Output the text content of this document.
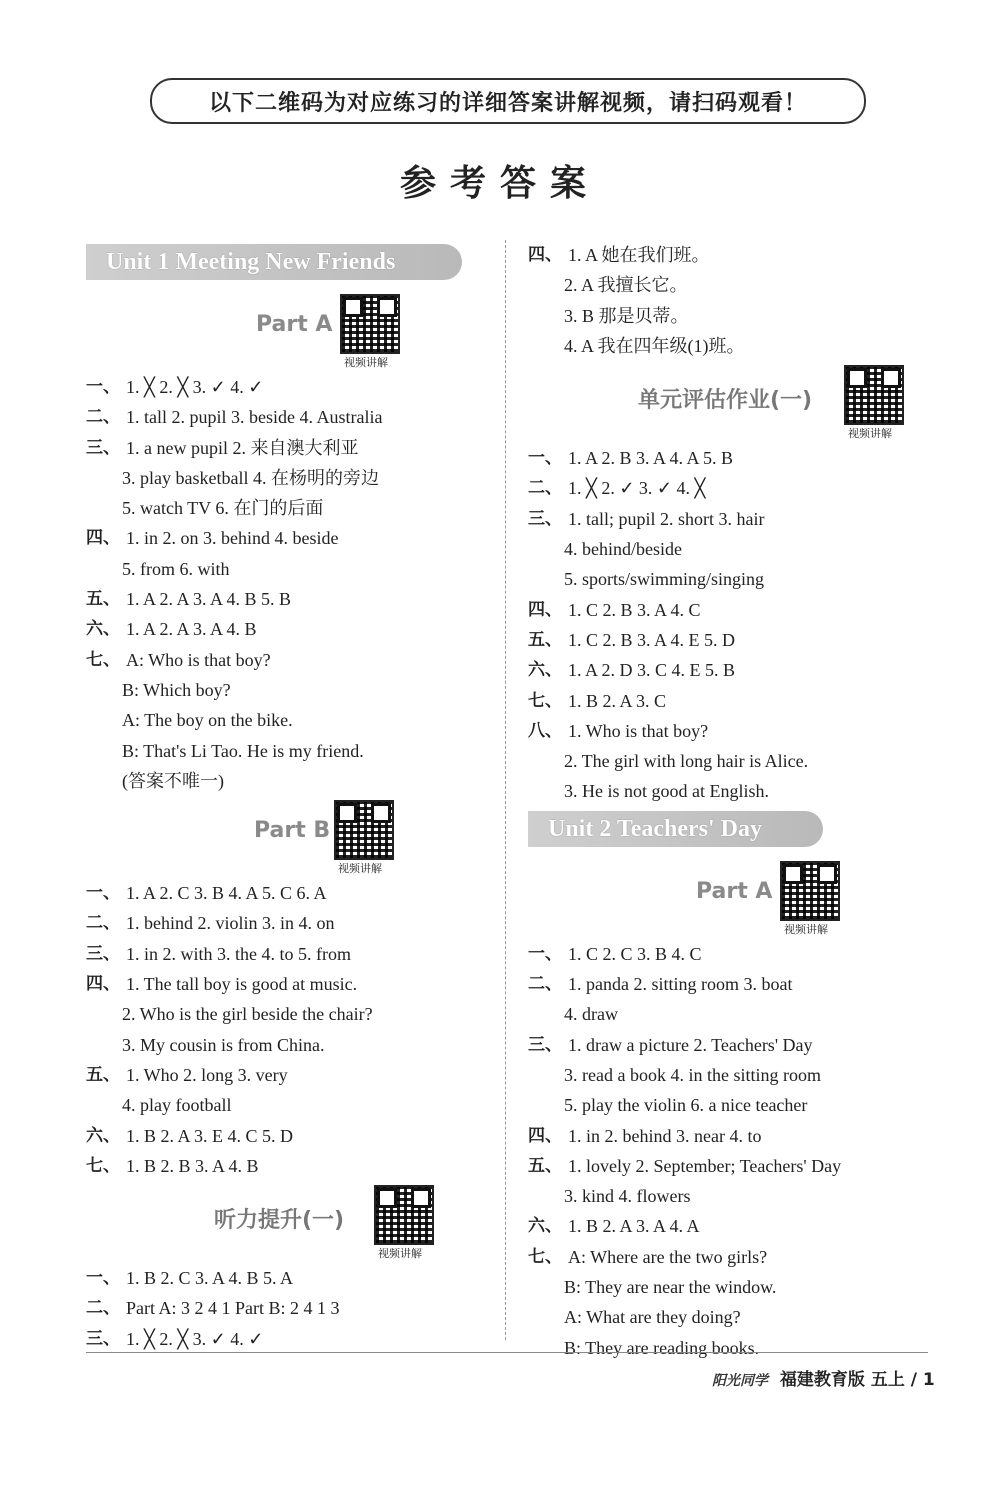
以下二维码为对应练习的详细答案讲解视频，请扫码观看！
参考答案
Unit 1 Meeting New Friends
Part A
视频讲解
一、 1. ╳ 2. ╳ 3. ✓ 4. ✓
二、 1. tall 2. pupil 3. beside 4. Australia
三、 1. a new pupil 2. 来自澳大利亚
3. play basketball 4. 在杨明的旁边
5. watch TV 6. 在门的后面
四、 1. in 2. on 3. behind 4. beside
5. from 6. with
五、 1. A 2. A 3. A 4. B 5. B
六、 1. A 2. A 3. A 4. B
七、 A: Who is that boy?
B: Which boy?
A: The boy on the bike.
B: That's Li Tao. He is my friend.
(答案不唯一)
Part B
视频讲解
一、 1. A 2. C 3. B 4. A 5. C 6. A
二、 1. behind 2. violin 3. in 4. on
三、 1. in 2. with 3. the 4. to 5. from
四、 1. The tall boy is good at music.
2. Who is the girl beside the chair?
3. My cousin is from China.
五、 1. Who 2. long 3. very
4. play football
六、 1. B 2. A 3. E 4. C 5. D
七、 1. B 2. B 3. A 4. B
听力提升(一)
视频讲解
一、 1. B 2. C 3. A 4. B 5. A
二、 Part A: 3 2 4 1 Part B: 2 4 1 3
三、 1. ╳ 2. ╳ 3. ✓ 4. ✓
四、 1. A 她在我们班。
2. A 我擅长它。
3. B 那是贝蒂。
4. A 我在四年级(1)班。
单元评估作业(一)
视频讲解
一、 1. A 2. B 3. A 4. A 5. B
二、 1. ╳ 2. ✓ 3. ✓ 4. ╳
三、 1. tall; pupil 2. short 3. hair
4. behind/beside
5. sports/swimming/singing
四、 1. C 2. B 3. A 4. C
五、 1. C 2. B 3. A 4. E 5. D
六、 1. A 2. D 3. C 4. E 5. B
七、 1. B 2. A 3. C
八、 1. Who is that boy?
2. The girl with long hair is Alice.
3. He is not good at English.
Unit 2 Teachers' Day
Part A
视频讲解
一、 1. C 2. C 3. B 4. C
二、 1. panda 2. sitting room 3. boat
4. draw
三、 1. draw a picture 2. Teachers' Day
3. read a book 4. in the sitting room
5. play the violin 6. a nice teacher
四、 1. in 2. behind 3. near 4. to
五、 1. lovely 2. September; Teachers' Day
3. kind 4. flowers
六、 1. B 2. A 3. A 4. A
七、 A: Where are the two girls?
B: They are near the window.
A: What are they doing?
B: They are reading books.
阳光同学 福建教育版 五上 / 1
